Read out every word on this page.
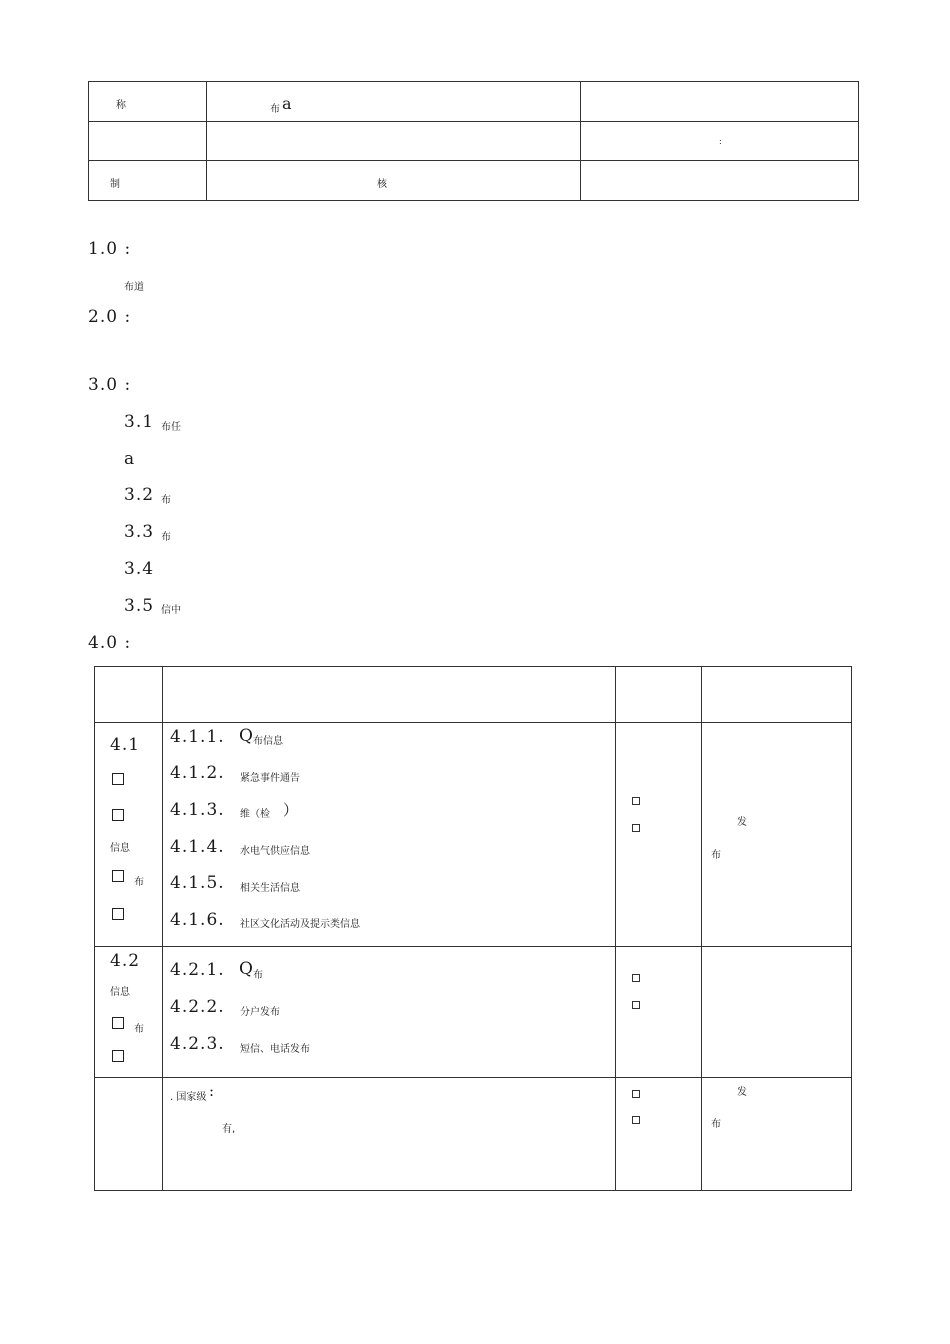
称	布 a
:
制	核
1.0 :
布道
2.0 :
3.0 :
3.1 布任
a
3.2 布
3.3 布
3.4
3.5 信中
4.0 :
4.1
信息
布
4.1.1. Q 布信息
4.1.2. 紧急事件通告
4.1.3. 维（检 ）
4.1.4. 水电气供应信息
4.1.5. 相关生活信息
4.1.6. 社区文化活动及提示类信息
发
布
4.2
信息
布
4.2.1. Q 布
4.2.2. 分户发布
4.2.3. 短信、电话发布
. 国家级 :
有,
发
布
